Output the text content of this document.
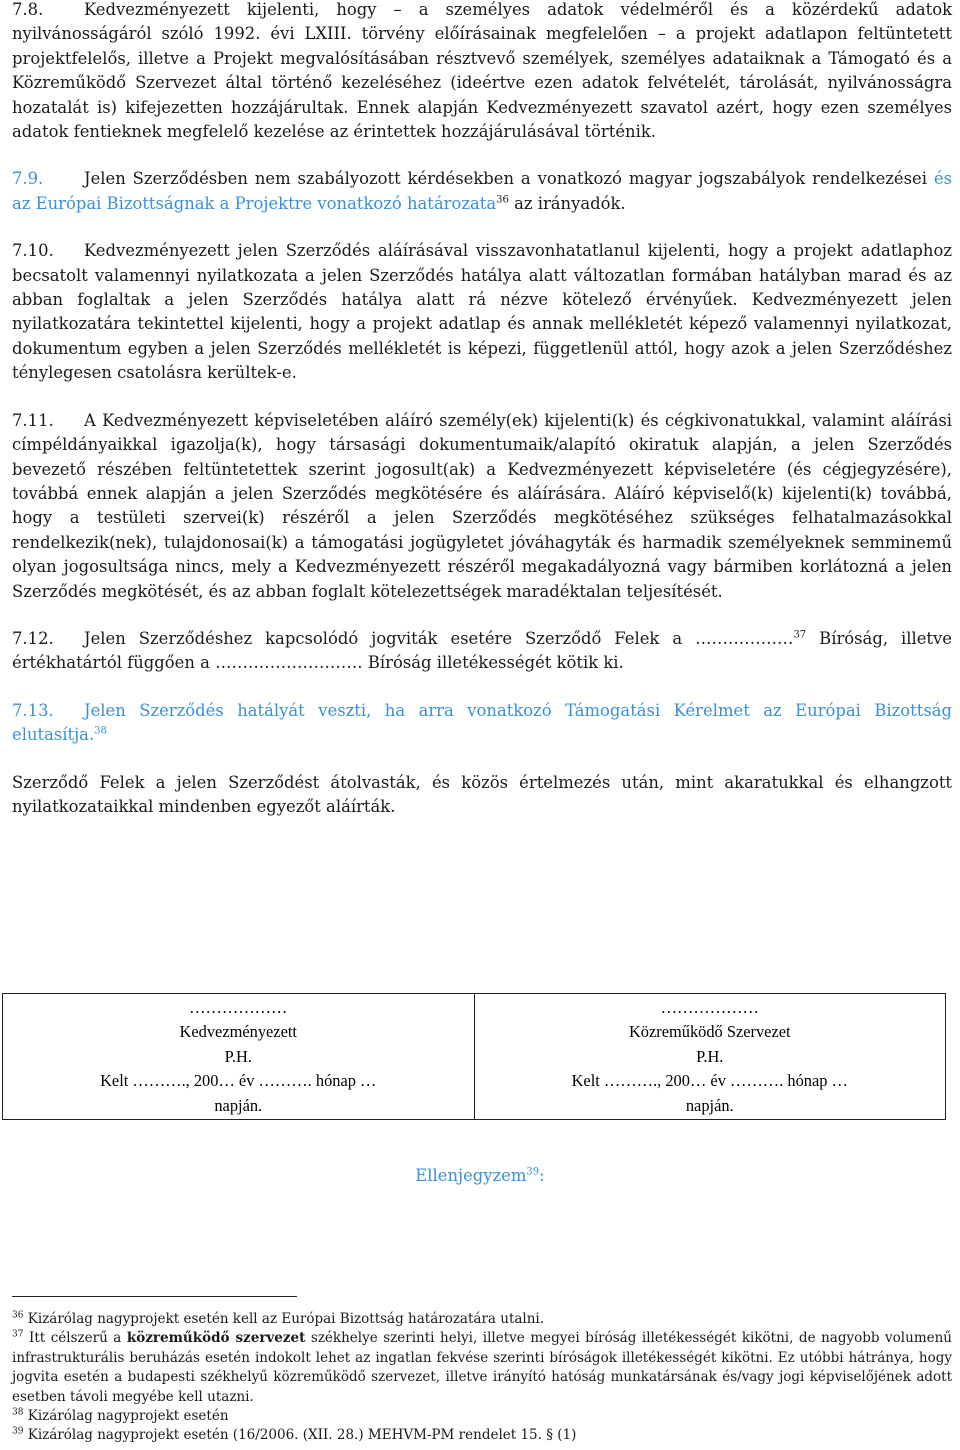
7.8. Kedvezményezett kijelenti, hogy – a személyes adatok védelméről és a közérdekű adatok nyilvánosságáról szóló 1992. évi LXIII. törvény előírásainak megfelelően – a projekt adatlapon feltüntetett projektfelelős, illetve a Projekt megvalósításában résztvevő személyek, személyes adataiknak a Támogató és a Közreműködő Szervezet által történő kezeléséhez (ideértve ezen adatok felvételét, tárolását, nyilvánosságra hozatalát is) kifejezetten hozzájárultak. Ennek alapján Kedvezményezett szavatol azért, hogy ezen személyes adatok fentieknek megfelelő kezelése az érintettek hozzájárulásával történik.

7.9. Jelen Szerződésben nem szabályozott kérdésekben a vonatkozó magyar jogszabályok rendelkezései és az Európai Bizottságnak a Projektre vonatkozó határozata$^{36}$ az irányadók.

7.10. Kedvezményezett jelen Szerződés aláírásával visszavonhatatlanul kijelenti, hogy a projekt adatlaphoz becsatolt valamennyi nyilatkozata a jelen Szerződés hatálya alatt változatlan formában hatályban marad és az abban foglaltak a jelen Szerződés hatálya alatt rá nézve kötelező érvényűek. Kedvezményezett jelen nyilatkozatára tekintettel kijelenti, hogy a projekt adatlap és annak mellékletét képező valamennyi nyilatkozat, dokumentum egyben a jelen Szerződés mellékletét is képezi, függetlenül attól, hogy azok a jelen Szerződéshez ténylegesen csatolásra kerültek-e.

7.11. A Kedvezményezett képviseletében aláíró személy(ek) kijelenti(k) és cégkivonatukkal, valamint aláírási címpéldányaikkal igazolja(k), hogy társasági dokumentumaik/alapító okiratuk alapján, a jelen Szerződés bevezető részében feltüntetettek szerint jogosult(ak) a Kedvezményezett képviseletére (és cégjegyzésére), továbbá ennek alapján a jelen Szerződés megkötésére és aláírására. Aláíró képviselő(k) kijelenti(k) továbbá, hogy a testületi szervei(k) részéről a jelen Szerződés megkötéséhez szükséges felhatalmazásokkal rendelkezik(nek), tulajdonosai(k) a támogatási jogügyletet jóváhagyták és harmadik személyeknek semminemű olyan jogosultsága nincs, mely a Kedvezményezett részéről megakadályozná vagy bármiben korlátozná a jelen Szerződés megkötését, és az abban foglalt kötelezettségek maradéktalan teljesítését.

7.12. Jelen Szerződéshez kapcsolódó jogviták esetére Szerződő Felek a ………………$^{37}$ Bíróság, illetve értékhatártól függően a ……………………… Bíróság illetékességét kötik ki.

7.13. Jelen Szerződés hatályát veszti, ha arra vonatkozó Támogatási Kérelmet az Európai Bizottság elutasítja.$^{38}$

Szerződő Felek a jelen Szerződést átolvasták, és közös értelmezés után, mint akaratukkal és elhangzott nyilatkozataikkal mindenben egyezőt aláírták.

………………
Kedvezményezett
P.H.
Kelt ………., 200… év ………. hónap …
napján.

………………
Közreműködő Szervezet
P.H.
Kelt ………., 200… év ………. hónap …
napján.
Ellenjegyzem$^{39}$:

$^{36}$ Kizárólag nagyprojekt esetén kell az Európai Bizottság határozatára utalni.

$^{37}$ Itt célszerű a közreműködő szervezet székhelye szerinti helyi, illetve megyei bíróság illetékességét kikötni, de nagyobb volumenű infrastrukturális beruházás esetén indokolt lehet az ingatlan fekvése szerinti bíróságok illetékességét kikötni. Ez utóbbi hátránya, hogy jogvita esetén a budapesti székhelyű közreműködő szervezet, illetve irányító hatóság munkatársának és/vagy jogi képviselőjének adott esetben távoli megyébe kell utazni.

$^{38}$ Kizárólag nagyprojekt esetén

$^{39}$ Kizárólag nagyprojekt esetén (16/2006. (XII. 28.) MEHVM-PM rendelet 15. § (1)
